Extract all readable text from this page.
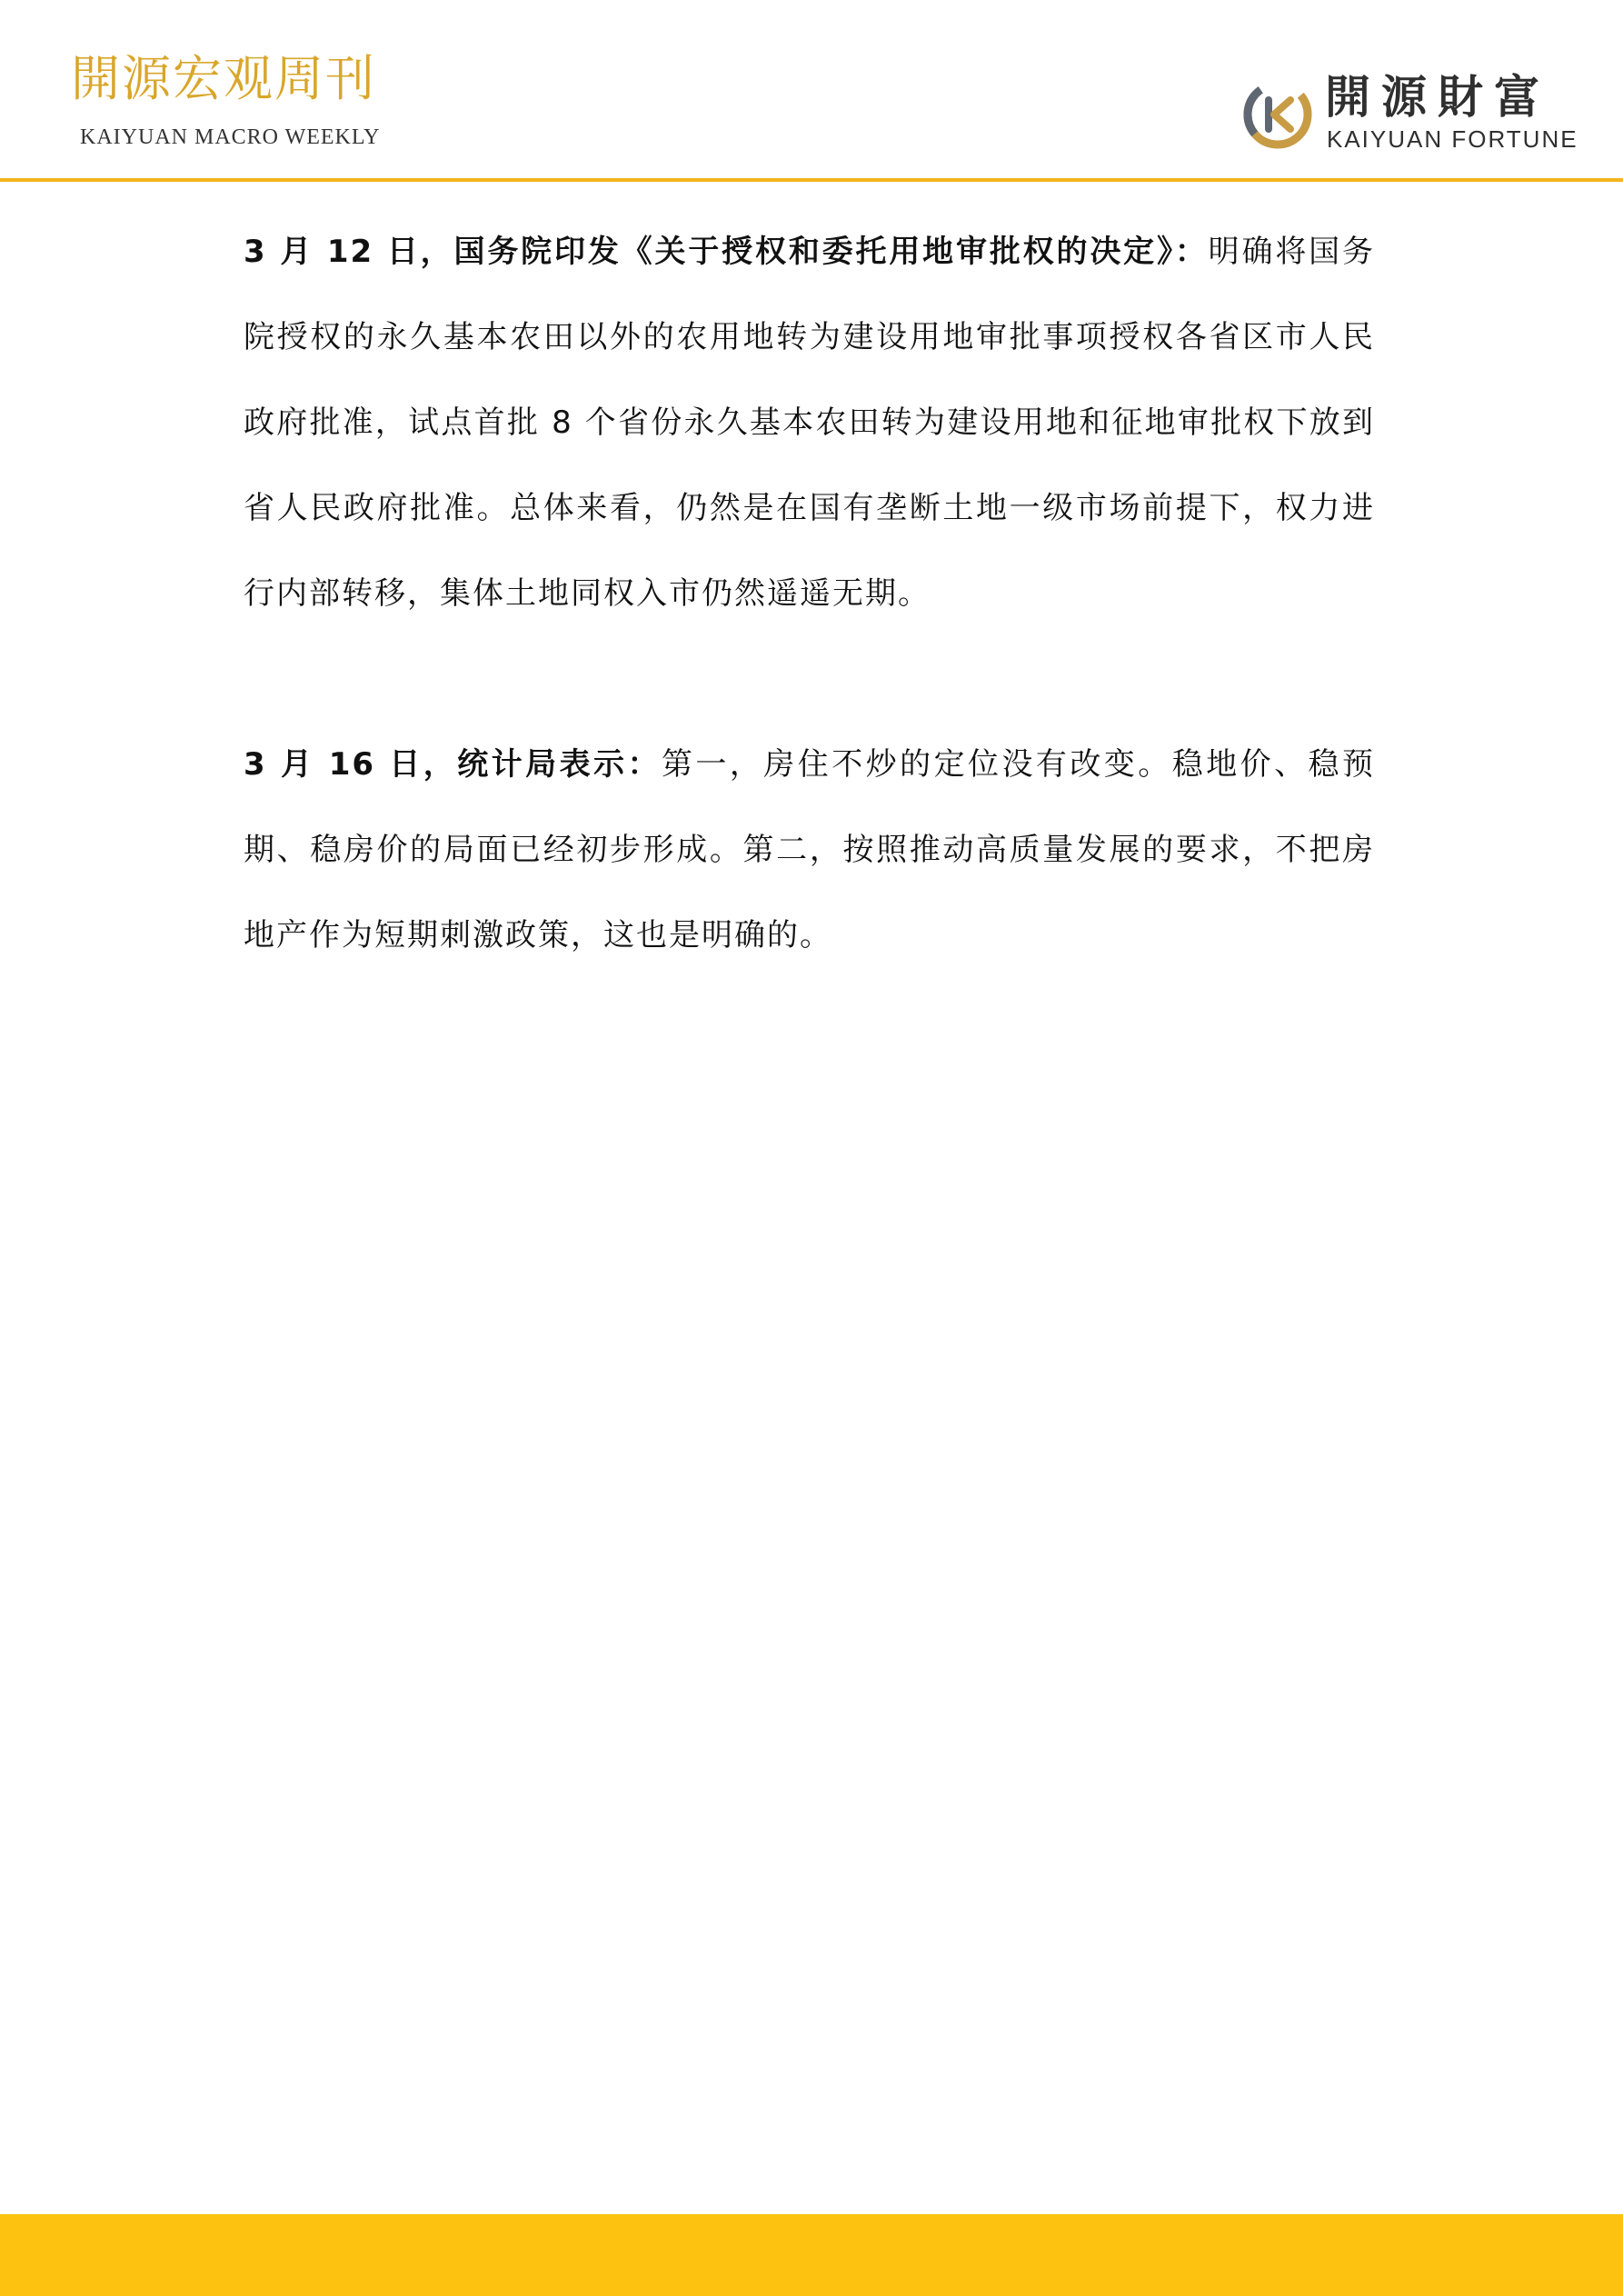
開源宏观周刊
KAIYUAN MACRO WEEKLY
開源財富
KAIYUAN FORTUNE

3 月 12 日，国务院印发《关于授权和委托用地审批权的决定》：明确将国务院授权的永久基本农田以外的农用地转为建设用地审批事项授权各省区市人民政府批准，试点首批 8 个省份永久基本农田转为建设用地和征地审批权下放到省人民政府批准。总体来看，仍然是在国有垄断土地一级市场前提下，权力进行内部转移，集体土地同权入市仍然遥遥无期。

3 月 16 日，统计局表示：第一，房住不炒的定位没有改变。稳地价、稳预期、稳房价的局面已经初步形成。第二，按照推动高质量发展的要求，不把房地产作为短期刺激政策，这也是明确的。
